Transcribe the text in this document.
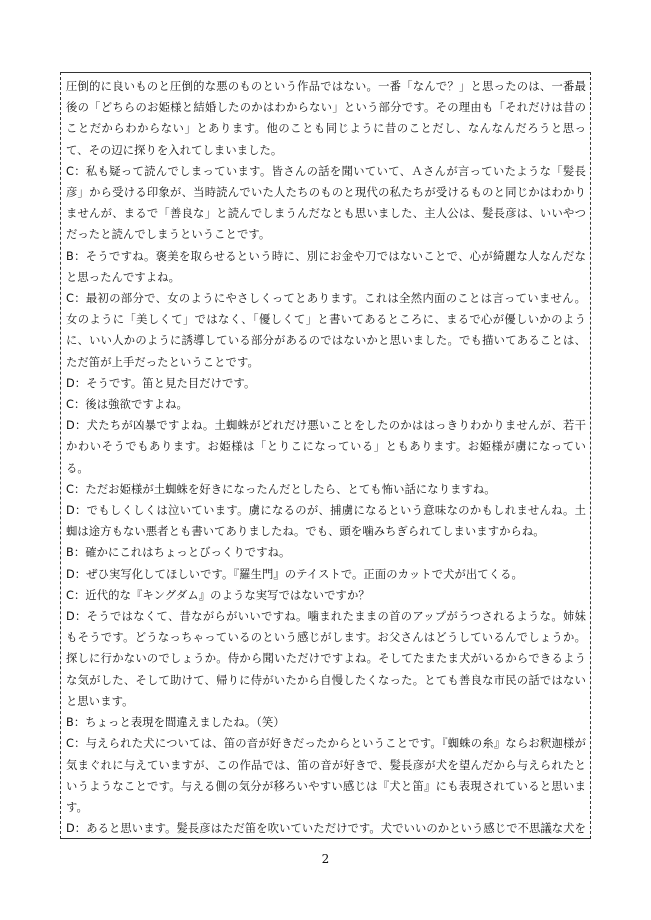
圧倒的に良いものと圧倒的な悪のものという作品ではない。一番「なんで？」と思ったのは、一番最後の「どちらのお姫様と結婚したのかはわからない」という部分です。その理由も「それだけは昔のことだからわからない」とあります。他のことも同じように昔のことだし、なんなんだろうと思って、その辺に探りを入れてしまいました。

C：私も疑って読んでしまっています。皆さんの話を聞いていて、Ａさんが言っていたような「髪長彦」から受ける印象が、当時読んでいた人たちのものと現代の私たちが受けるものと同じかはわかりませんが、まるで「善良な」と読んでしまうんだなとも思いました、主人公は、髪長彦は、いいやつだったと読んでしまうということです。

B：そうですね。褒美を取らせるという時に、別にお金や刀ではないことで、心が綺麗な人なんだなと思ったんですよね。

C：最初の部分で、女のようにやさしくってとあります。これは全然内面のことは言っていません。女のように「美しくて」ではなく、「優しくて」と書いてあるところに、まるで心が優しいかのように、いい人かのように誘導している部分があるのではないかと思いました。でも描いてあることは、ただ笛が上手だったということです。

D：そうです。笛と見た目だけです。

C：後は強欲ですよね。

D：犬たちが凶暴ですよね。土蜘蛛がどれだけ悪いことをしたのかははっきりわかりませんが、若干かわいそうでもあります。お姫様は「とりこになっている」ともあります。お姫様が虜になっている。

C：ただお姫様が土蜘蛛を好きになったんだとしたら、とても怖い話になりますね。

D：でもしくしくは泣いています。虜になるのが、捕虜になるという意味なのかもしれませんね。土蜘は途方もない悪者とも書いてありましたね。でも、頭を噛みちぎられてしまいますからね。

B：確かにこれはちょっとびっくりですね。

D：ぜひ実写化してほしいです。『羅生門』のテイストで。正面のカットで犬が出てくる。

C：近代的な『キングダム』のような実写ではないですか？

D：そうではなくて、昔ながらがいいですね。噛まれたままの首のアップがうつされるような。姉妹もそうです。どうなっちゃっているのという感じがします。お父さんはどうしているんでしょうか。探しに行かないのでしょうか。侍から聞いただけですよね。そしてたまたま犬がいるからできるような気がした、そして助けて、帰りに侍がいたから自慢したくなった。とても善良な市民の話ではないと思います。

B：ちょっと表現を間違えましたね。（笑）

C：与えられた犬については、笛の音が好きだったからということです。『蜘蛛の糸』ならお釈迦様が気まぐれに与えていますが、この作品では、笛の音が好きで、髪長彦が犬を望んだから与えられたというようなことです。与える側の気分が移ろいやすい感じは『犬と笛』にも表現されていると思います。

D：あると思います。髪長彦はただ笛を吹いていただけです。犬でいいのかという感じで不思議な犬を

2
